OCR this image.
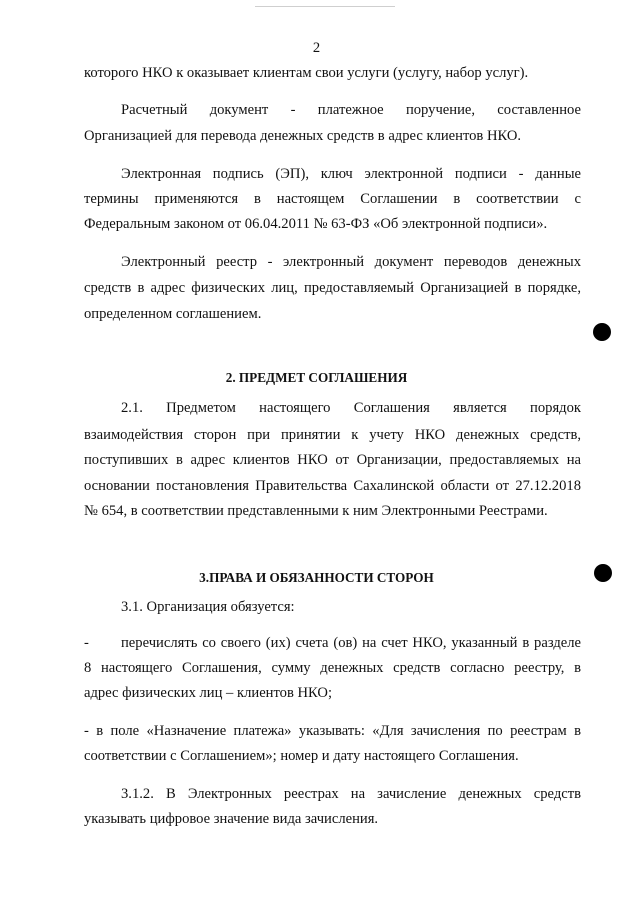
2
которого НКО к оказывает клиентам свои услуги (услугу, набор услуг).
Расчетный документ - платежное поручение, составленное
Организацией для перевода денежных средств в адрес клиентов НКО.
Электронная подпись (ЭП), ключ электронной подписи - данные
термины применяются в настоящем Соглашении в соответствии с
Федеральным законом от 06.04.2011 № 63-ФЗ «Об электронной подписи».
Электронный реестр - электронный документ переводов денежных
средств в адрес физических лиц, предоставляемый Организацией в порядке,
определенном соглашением.
2. ПРЕДМЕТ СОГЛАШЕНИЯ
2.1. Предметом настоящего Соглашения является порядок
взаимодействия сторон при принятии к учету НКО денежных средств,
поступивших в адрес клиентов НКО от Организации, предоставляемых на
основании постановления Правительства Сахалинской области от 27.12.2018
№ 654, в соответствии представленными к ним Электронными Реестрами.
3.ПРАВА И ОБЯЗАННОСТИ СТОРОН
3.1. Организация обязуется:
- перечислять со своего (их) счета (ов) на счет НКО, указанный в разделе
8 настоящего Соглашения, сумму денежных средств согласно реестру, в
адрес физических лиц – клиентов НКО;
- в поле «Назначение платежа» указывать: «Для зачисления по реестрам в
соответствии с Соглашением»; номер и дату настоящего Соглашения.
3.1.2. В Электронных реестрах на зачисление денежных средств
указывать цифровое значение вида зачисления.
